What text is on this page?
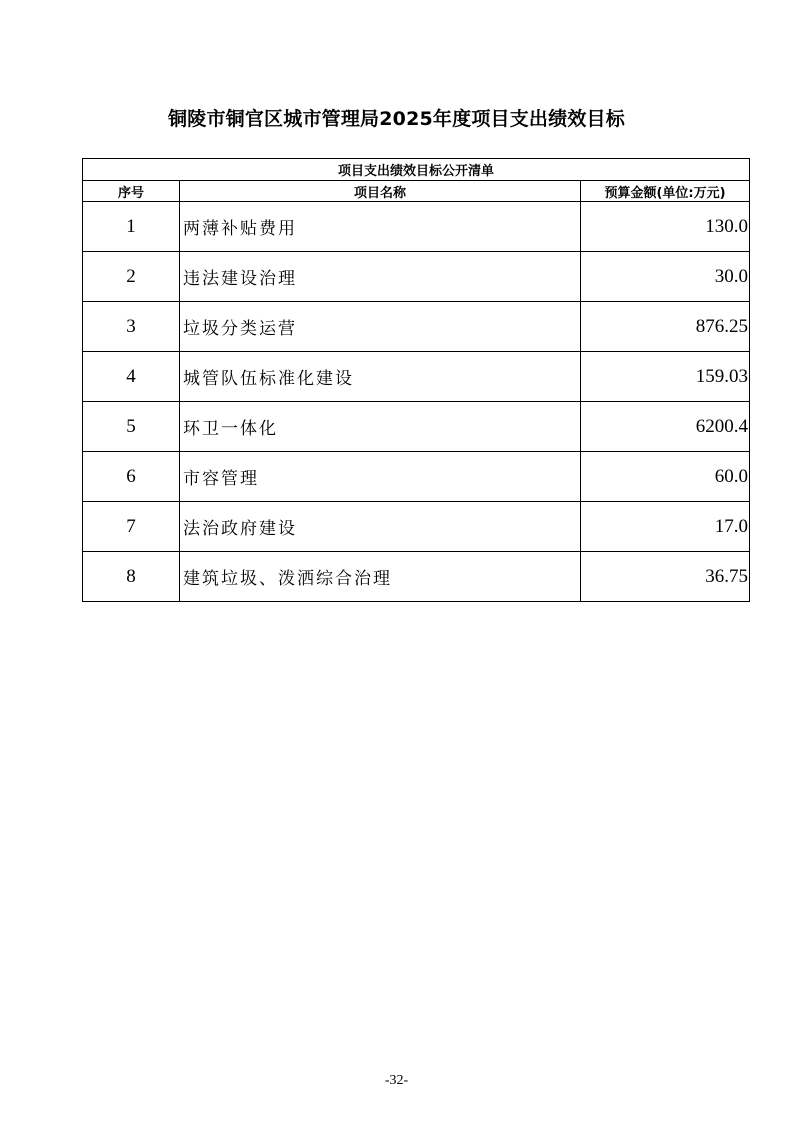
铜陵市铜官区城市管理局2025年度项目支出绩效目标
项目支出绩效目标公开清单		
序号	项目名称	预算金额(单位:万元)
1	两薄补贴费用	130.0
2	违法建设治理	30.0
3	垃圾分类运营	876.25
4	城管队伍标准化建设	159.03
5	环卫一体化	6200.4
6	市容管理	60.0
7	法治政府建设	17.0
8	建筑垃圾、泼洒综合治理	36.75
-32-
